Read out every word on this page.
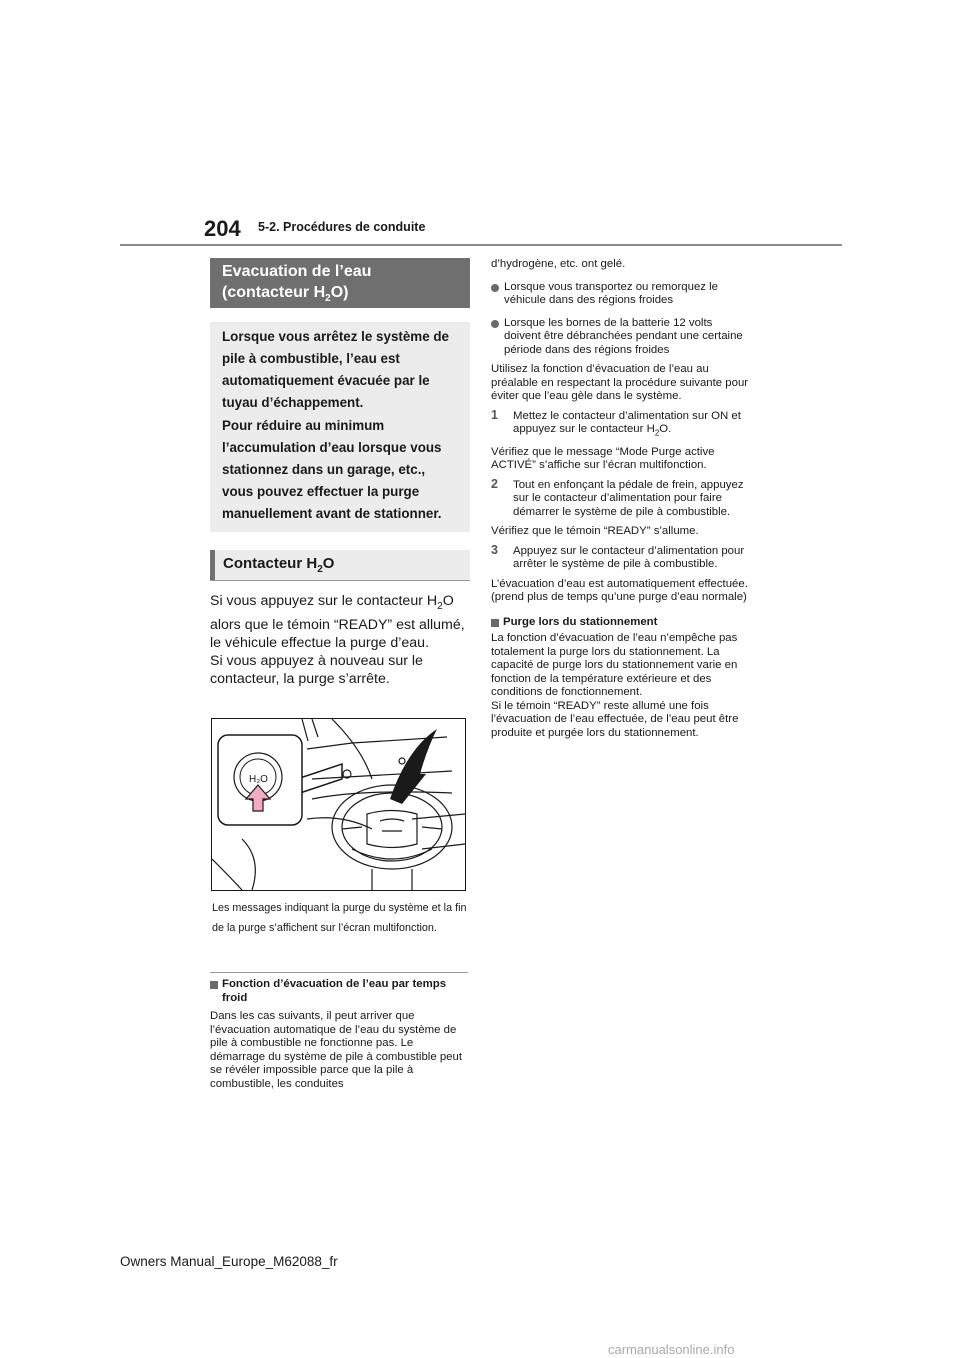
204 5-2. Procédures de conduite
Evacuation de l’eau
(contacteur $H_2O$)

Lorsque vous arrêtez le système de pile à combustible, l’eau est automatiquement évacuée par le tuyau d’échappement.

Pour réduire au minimum l’accumulation d’eau lorsque vous stationnez dans un garage, etc., vous pouvez effectuer la purge manuellement avant de stationner.

Contacteur $H_2O$

Si vous appuyez sur le contacteur $H_2O$ alors que le témoin “READY” est allumé, le véhicule effectue la purge d’eau.

Si vous appuyez à nouveau sur le contacteur, la purge s’arrête.

H₂O

Les messages indiquant la purge du système et la fin de la purge s’affichent sur l’écran multifonction.

Fonction d’évacuation de l’eau par temps froid

Dans les cas suivants, il peut arriver que l’évacuation automatique de l’eau du système de pile à combustible ne fonctionne pas. Le démarrage du système de pile à combustible peut se révéler impossible parce que la pile à combustible, les conduites

d’hydrogène, etc. ont gelé.

Lorsque vous transportez ou remorquez le véhicule dans des régions froides

Lorsque les bornes de la batterie 12 volts doivent être débranchées pendant une certaine période dans des régions froides

Utilisez la fonction d’évacuation de l’eau au préalable en respectant la procédure suivante pour éviter que l’eau gèle dans le système.

1 Mettez le contacteur d’alimentation sur ON et appuyez sur le contacteur $H_2O$.

Vérifiez que le message “Mode Purge active ACTIVÉ” s’affiche sur l’écran multifonction.

2 Tout en enfonçant la pédale de frein, appuyez sur le contacteur d’alimentation pour faire démarrer le système de pile à combustible.

Vérifiez que le témoin “READY” s’allume.

3 Appuyez sur le contacteur d’alimentation pour arrêter le système de pile à combustible.

L’évacuation d’eau est automatiquement effectuée. (prend plus de temps qu’une purge d’eau normale)

Purge lors du stationnement

La fonction d’évacuation de l’eau n’empêche pas totalement la purge lors du stationnement. La capacité de purge lors du stationnement varie en fonction de la température extérieure et des conditions de fonctionnement.

Si le témoin “READY” reste allumé une fois l’évacuation de l’eau effectuée, de l’eau peut être produite et purgée lors du stationnement.

Owners Manual_Europe_M62088_fr
carmanualsonline.info
